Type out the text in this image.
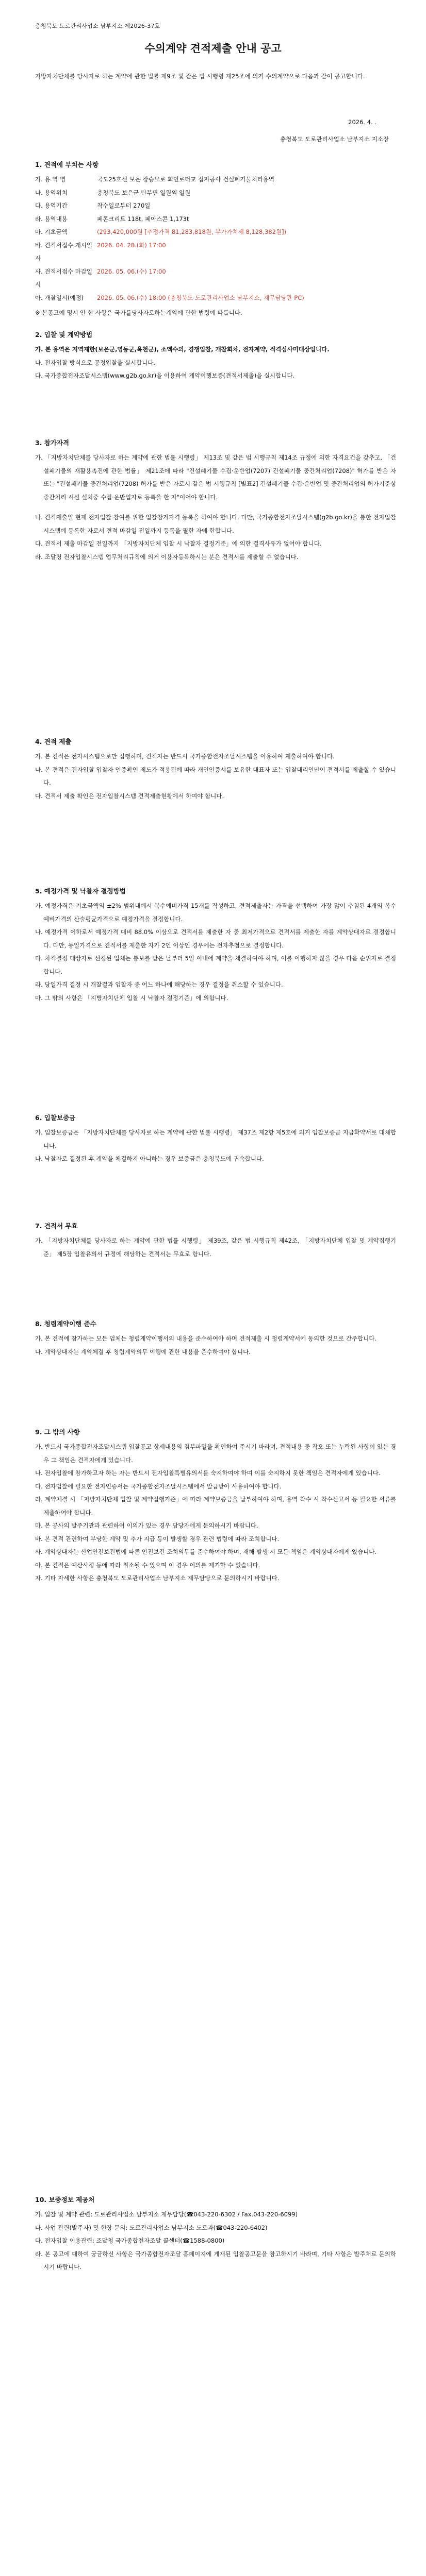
충청북도 도로관리사업소 남부지소 제2026-37호
수의계약 견적제출 안내 공고
지방자치단체를 당사자로 하는 계약에 관한 법률 제9조 및 같은 법 시행령 제25조에 의거 수의계약으로 다음과 같이 공고합니다.
2026. 4. .
충청북도 도로관리사업소 남부지소 지소장
1. 견적에 부치는 사항
가. 용 역 명	국도25호선 보은 장승모로 회인로터교 접지공사 건설폐기물처리용역
나. 용역위치	충청북도 보은군 탄부면 일원외 일원
다. 용역기간	착수일로부터 270일
라. 용역내용	폐콘크리트 118t, 폐아스콘 1,173t
마. 기초금액	(293,420,000원 [추정가격 81,283,818원, 부가가치세 8,128,382원])
바. 견적서접수 개시일시
2026. 04. 28.(화) 17:00
사. 견적서접수 마감일시
2026. 05. 06.(수) 17:00
아. 개찰일시(예정)	2026. 05. 06.(수) 18:00 (충청북도 도로관리사업소 남부지소, 재무담당관 PC)

※ 본공고에 명시 안 한 사항은 국가를당사자로하는계약에 관한 법령에 따릅니다.

2. 입찰 및 계약방법

가. 본 용역은 지역제한(보은군,영동군,옥천군), 소액수의, 경쟁입찰, 개찰회차, 전자계약, 적격심사미대상입니다.

나. 전자입찰 방식으로 공정입찰을 실시합니다.

다. 국가종합전자조달시스템(www.g2b.go.kr)을 이용하여 계약이행보증(견적서제출)을 실시합니다.

3. 참가자격

가. 「지방자치단체를 당사자로 하는 계약에 관한 법률 시행령」 제13조 및 같은 법 시행규칙 제14조 규정에 의한 자격요건을 갖추고, 「건설폐기물의 재활용촉진에 관한 법률」 제21조에 따라 "건설폐기물 수집·운반업(7207) 건설폐기물 중간처리업(7208)" 허가를 받은 자 또는 "건설폐기물 중간처리업(7208) 허가를 받은 자로서 같은 법 시행규칙 [별표2] 건설폐기물 수집·운반업 및 중간처리업의 허가기준상 중간처리 시설 설치중 수집·운반업자로 등록을 한 자"이어야 합니다.

나. 견적제출일 현재 전자입찰 참여를 위한 입찰참가자격 등록을 하여야 합니다. 다만, 국가종합전자조달시스템(g2b.go.kr)을 통한 전자입찰시스템에 등록한 자로서 견적 마감일 전일까지 등록을 필한 자에 한합니다.

다. 견적서 제출 마감일 전일까지 「지방자치단체 입찰 시 낙찰자 결정기준」에 의한 결격사유가 없어야 합니다.

라. 조달청 전자입찰시스템 업무처리규칙에 의거 이용자등록하시는 분은 견적서를 제출할 수 없습니다.

4. 견적 제출

가. 본 견적은 전자시스템으로만 집행하며, 견적자는 반드시 국가종합전자조달시스템을 이용하여 제출하여야 합니다.

나. 본 견적은 전자입찰 입찰자 인증확인 제도가 적용됨에 따라 개인인증서를 보유한 대표자 또는 입찰대리인만이 견적서를 제출할 수 있습니다.

다. 견적서 제출 확인은 전자입찰시스템 견적제출현황에서 하여야 합니다.

5. 예정가격 및 낙찰자 결정방법

가. 예정가격은 기초금액의 ±2% 범위내에서 복수예비가격 15개를 작성하고, 견적제출자는 가격을 선택하여 가장 많이 추첨된 4개의 복수예비가격의 산술평균가격으로 예정가격을 결정합니다.

나. 예정가격 이하로서 예정가격 대비 88.0% 이상으로 견적서를 제출한 자 중 최저가격으로 견적서를 제출한 자를 계약상대자로 결정합니다. 다만, 동일가격으로 견적서를 제출한 자가 2인 이상인 경우에는 전자추첨으로 결정합니다.

다. 차적결정 대상자로 선정된 업체는 통보를 받은 날부터 5일 이내에 계약을 체결하여야 하며, 이를 이행하지 않을 경우 다음 순위자로 결정합니다.

라. 당일가격 결정 시 개찰결과 입찰자 중 어느 하나에 해당하는 경우 결정을 취소할 수 있습니다.

마. 그 밖의 사항은 「지방자치단체 입찰 시 낙찰자 결정기준」에 의합니다.

6. 입찰보증금

가. 입찰보증금은 「지방자치단체를 당사자로 하는 계약에 관한 법률 시행령」 제37조 제2항 제5호에 의거 입찰보증금 지급확약서로 대체합니다.

나. 낙찰자로 결정된 후 계약을 체결하지 아니하는 경우 보증금은 충청북도에 귀속합니다.

7. 견적서 무효

가. 「지방자치단체를 당사자로 하는 계약에 관한 법률 시행령」 제39조, 같은 법 시행규칙 제42조, 「지방자치단체 입찰 및 계약집행기준」 제5장 입찰유의서 규정에 해당하는 견적서는 무효로 합니다.

8. 청렴계약이행 준수

가. 본 견적에 참가하는 모든 업체는 청렴계약이행서의 내용을 준수하여야 하며 견적제출 시 청렴계약서에 동의한 것으로 간주합니다.

나. 계약상대자는 계약체결 후 청렴계약의무 이행에 관한 내용을 준수하여야 합니다.

9. 그 밖의 사항

가. 반드시 국가종합전자조달시스템 입찰공고 상세내용의 첨부파일을 확인하여 주시기 바라며, 견적내용 중 착오 또는 누락된 사항이 있는 경우 그 책임은 견적자에게 있습니다.

나. 전자입찰에 참가하고자 하는 자는 반드시 전자입찰특별유의서를 숙지하여야 하며 이를 숙지하지 못한 책임은 견적자에게 있습니다.

다. 전자입찰에 필요한 전자인증서는 국가종합전자조달시스템에서 발급받아 사용하여야 합니다.

라. 계약체결 시 「지방자치단체 입찰 및 계약집행기준」에 따라 계약보증금을 납부하여야 하며, 용역 착수 시 착수신고서 등 필요한 서류를 제출하여야 합니다.

마. 본 공사의 발주기관과 관련하여 이의가 있는 경우 담당자에게 문의하시기 바랍니다.

바. 본 견적 관련하여 부당한 계약 및 추가 지급 등이 발생할 경우 관련 법령에 따라 조치합니다.

사. 계약상대자는 산업안전보건법에 따른 안전보건 조치의무를 준수하여야 하며, 재해 발생 시 모든 책임은 계약상대자에게 있습니다.

아. 본 견적은 예산사정 등에 따라 취소될 수 있으며 이 경우 이의를 제기할 수 없습니다.

자. 기타 자세한 사항은 충청북도 도로관리사업소 남부지소 재무담당으로 문의하시기 바랍니다.

10. 보증정보 제공처

가. 입찰 및 계약 관련: 도로관리사업소 남부지소 재무담당(☎043-220-6302 / Fax.043-220-6099)

나. 사업 관련(발주자) 및 현장 문의: 도로관리사업소 남부지소 도로과(☎043-220-6402)

다. 전자입찰 이용관련: 조달청 국가종합전자조달 콜센터(☎1588-0800)

라. 본 공고에 대하여 궁금하신 사항은 국가종합전자조달 홈페이지에 게재된 입찰공고문을 참고하시기 바라며, 기타 사항은 발주처로 문의하시기 바랍니다.
